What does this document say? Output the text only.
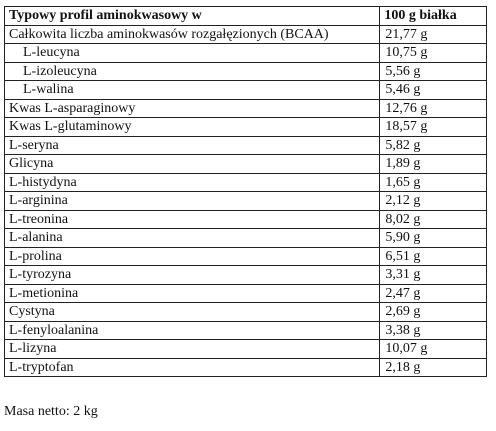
Typowy profil aminokwasowy w	100 g białka
Całkowita liczba aminokwasów rozgałęzionych (BCAA)	21,77 g
L-leucyna	10,75 g
L-izoleucyna	5,56 g
L-walina	5,46 g
Kwas L-asparaginowy	12,76 g
Kwas L-glutaminowy	18,57 g
L-seryna	5,82 g
Glicyna	1,89 g
L-histydyna	1,65 g
L-arginina	2,12 g
L-treonina	8,02 g
L-alanina	5,90 g
L-prolina	6,51 g
L-tyrozyna	3,31 g
L-metionina	2,47 g
Cystyna	2,69 g
L-fenyloalanina	3,38 g
L-lizyna	10,07 g
L-tryptofan	2,18 g
Masa netto: 2 kg
